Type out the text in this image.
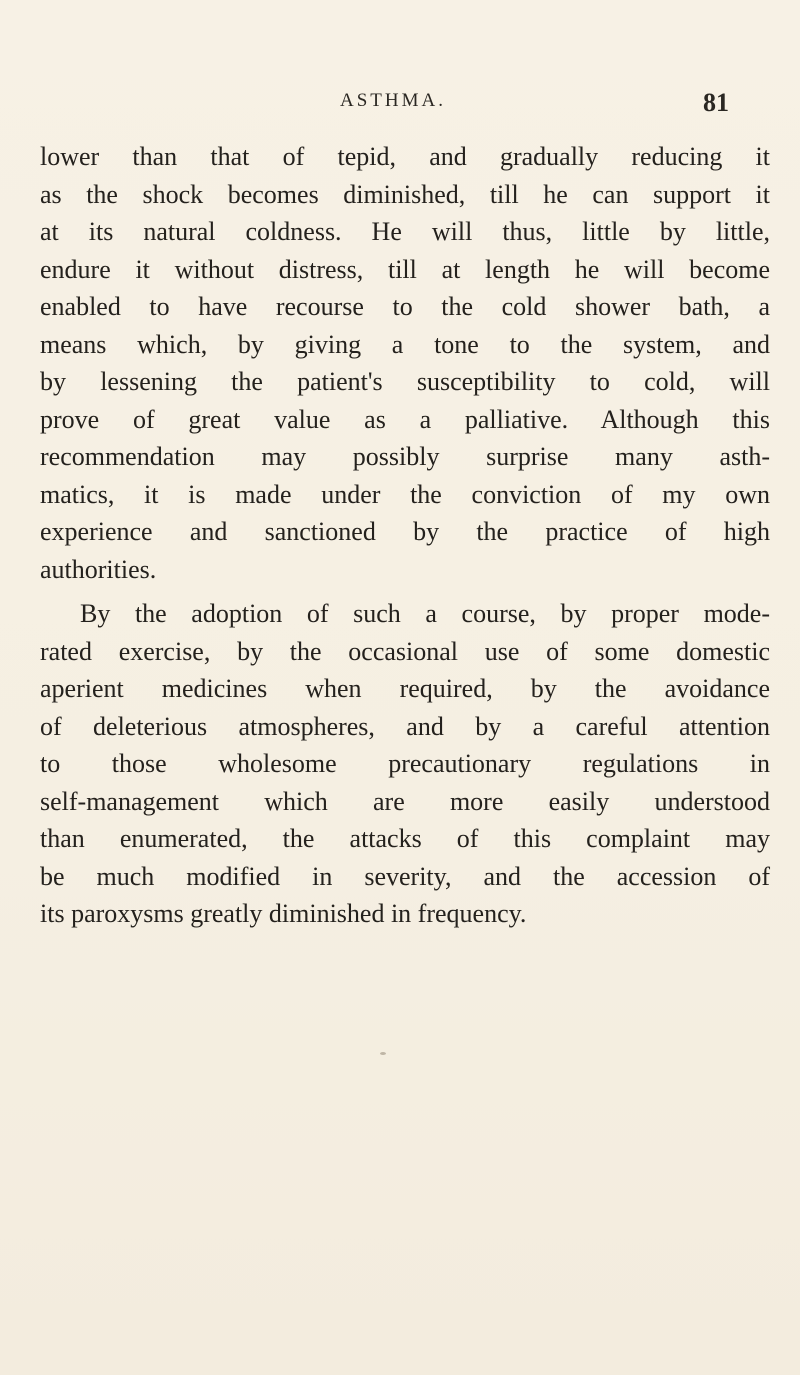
ASTHMA.	81
lower than that of tepid, and gradually reducing it
as the shock becomes diminished, till he can support it
at its natural coldness. He will thus, little by little,
endure it without distress, till at length he will become
enabled to have recourse to the cold shower bath, a
means which, by giving a tone to the system, and
by lessening the patient's susceptibility to cold, will
prove of great value as a palliative. Although this
recommendation may possibly surprise many asth-
matics, it is made under the conviction of my own
experience and sanctioned by the practice of high
authorities.
By the adoption of such a course, by proper mode-
rated exercise, by the occasional use of some domestic
aperient medicines when required, by the avoidance
of deleterious atmospheres, and by a careful attention
to those wholesome precautionary regulations in
self-management which are more easily understood
than enumerated, the attacks of this complaint may
be much modified in severity, and the accession of
its paroxysms greatly diminished in frequency.
